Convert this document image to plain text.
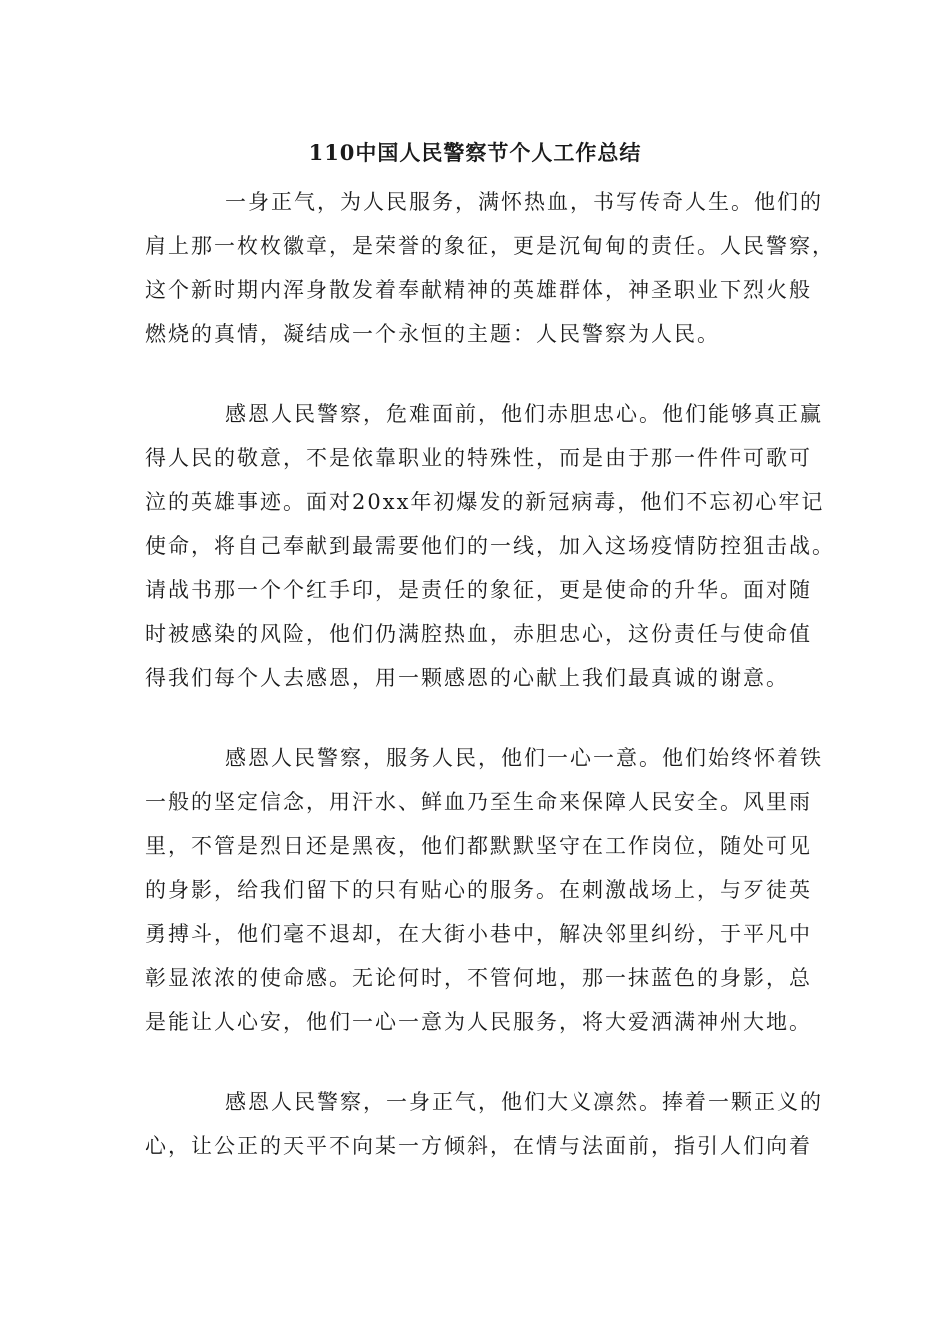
110中国人民警察节个人工作总结

一身正气，为人民服务，满怀热血，书写传奇人生。他们的
肩上那一枚枚徽章，是荣誉的象征，更是沉甸甸的责任。人民警察，
这个新时期内浑身散发着奉献精神的英雄群体，神圣职业下烈火般
燃烧的真情，凝结成一个永恒的主题：人民警察为人民。

感恩人民警察，危难面前，他们赤胆忠心。他们能够真正赢
得人民的敬意，不是依靠职业的特殊性，而是由于那一件件可歌可
泣的英雄事迹。面对20xx年初爆发的新冠病毒，他们不忘初心牢记
使命，将自己奉献到最需要他们的一线，加入这场疫情防控狙击战。
请战书那一个个红手印，是责任的象征，更是使命的升华。面对随
时被感染的风险，他们仍满腔热血，赤胆忠心，这份责任与使命值
得我们每个人去感恩，用一颗感恩的心献上我们最真诚的谢意。

感恩人民警察，服务人民，他们一心一意。他们始终怀着铁
一般的坚定信念，用汗水、鲜血乃至生命来保障人民安全。风里雨
里，不管是烈日还是黑夜，他们都默默坚守在工作岗位，随处可见
的身影，给我们留下的只有贴心的服务。在刺激战场上，与歹徒英
勇搏斗，他们毫不退却，在大街小巷中，解决邻里纠纷，于平凡中
彰显浓浓的使命感。无论何时，不管何地，那一抹蓝色的身影，总
是能让人心安，他们一心一意为人民服务，将大爱洒满神州大地。

感恩人民警察，一身正气，他们大义凛然。捧着一颗正义的
心，让公正的天平不向某一方倾斜，在情与法面前，指引人们向着
